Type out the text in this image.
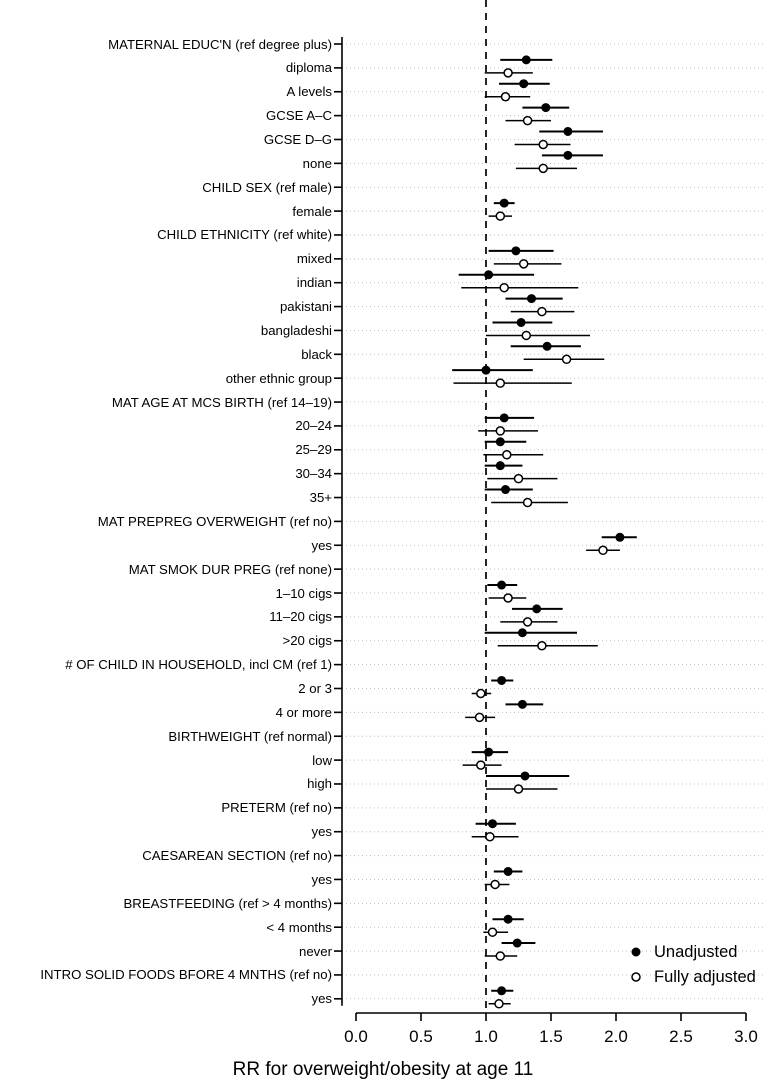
MATERNAL EDUC'N (ref degree plus)
diploma
A levels
GCSE A–C
GCSE D–G
none
CHILD SEX (ref male)
female
CHILD ETHNICITY (ref white)
mixed
indian
pakistani
bangladeshi
black
other ethnic group
MAT AGE AT MCS BIRTH (ref 14–19)
20–24
25–29
30–34
35+
MAT PREPREG OVERWEIGHT (ref no)
yes
MAT SMOK DUR PREG (ref none)
1–10 cigs
11–20 cigs
>20 cigs
# OF CHILD IN HOUSEHOLD, incl CM (ref 1)
2 or 3
4 or more
BIRTHWEIGHT (ref normal)
low
high
PRETERM (ref no)
yes
CAESAREAN SECTION (ref no)
yes
BREASTFEEDING (ref > 4 months)
< 4 months
never
INTRO SOLID FOODS BFORE 4 MNTHS (ref no)
yes
0.0	0.5	1.0	1.5	2.0	2.5	3.0
RR for overweight/obesity at age 11
Unadjusted
Fully adjusted
